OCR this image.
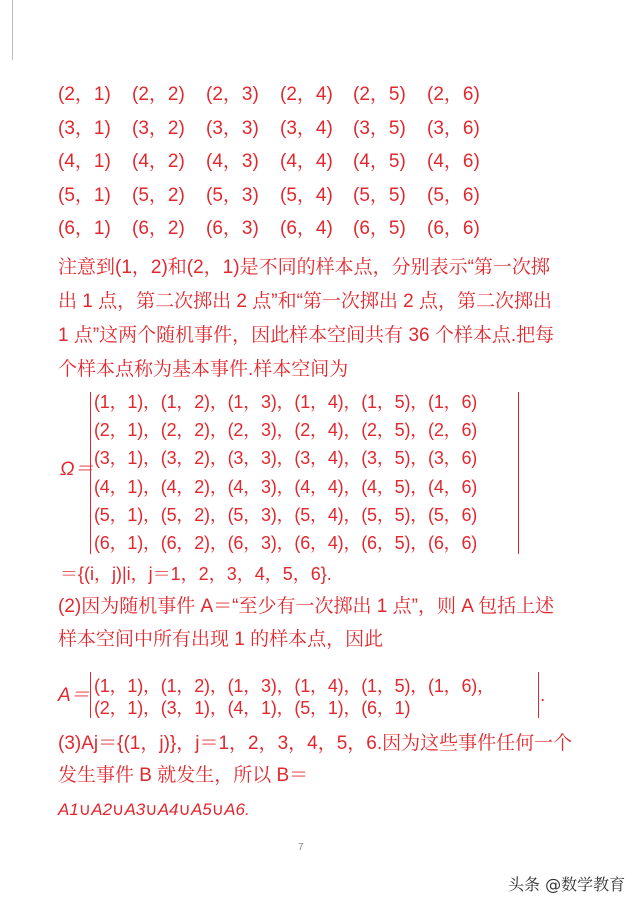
(2，1) (2，2) (2，3) (2，4) (2，5) (2，6)
(3，1) (3，2) (3，3) (3，4) (3，5) (3，6)
(4，1) (4，2) (4，3) (4，4) (4，5) (4，6)
(5，1) (5，2) (5，3) (5，4) (5，5) (5，6)
(6，1) (6，2) (6，3) (6，4) (6，5) (6，6)
注意到(1，2)和(2，1)是不同的样本点，分别表示“第一次掷
出 1 点，第二次掷出 2 点”和“第一次掷出 2 点，第二次掷出
1 点”这两个随机事件，因此样本空间共有 36 个样本点.把每
个样本点称为基本事件.样本空间为
Ω＝
(1，1)，(1，2)，(1，3)，(1，4)，(1，5)，(1，6)
(2，1)，(2，2)，(2，3)，(2，4)，(2，5)，(2，6)
(3，1)，(3，2)，(3，3)，(3，4)，(3，5)，(3，6)
(4，1)，(4，2)，(4，3)，(4，4)，(4，5)，(4，6)
(5，1)，(5，2)，(5，3)，(5，4)，(5，5)，(5，6)
(6，1)，(6，2)，(6，3)，(6，4)，(6，5)，(6，6)
＝{(i，j)|i，j＝1，2，3，4，5，6}.
(2)因为随机事件 A＝“至少有一次掷出 1 点”，则 A 包括上述
样本空间中所有出现 1 的样本点，因此
A＝ (1，1)，(1，2)，(1，3)，(1，4)，(1，5)，(1，6)，
(2，1)，(3，1)，(4，1)，(5，1)，(6，1)
.
(3)Aj＝{(1，j)}，j＝1，2，3，4，5，6.因为这些事件任何一个
发生事件 B 就发生，所以 B＝
A1∪A2∪A3∪A4∪A5∪A6.
7
头条 @数学教育
